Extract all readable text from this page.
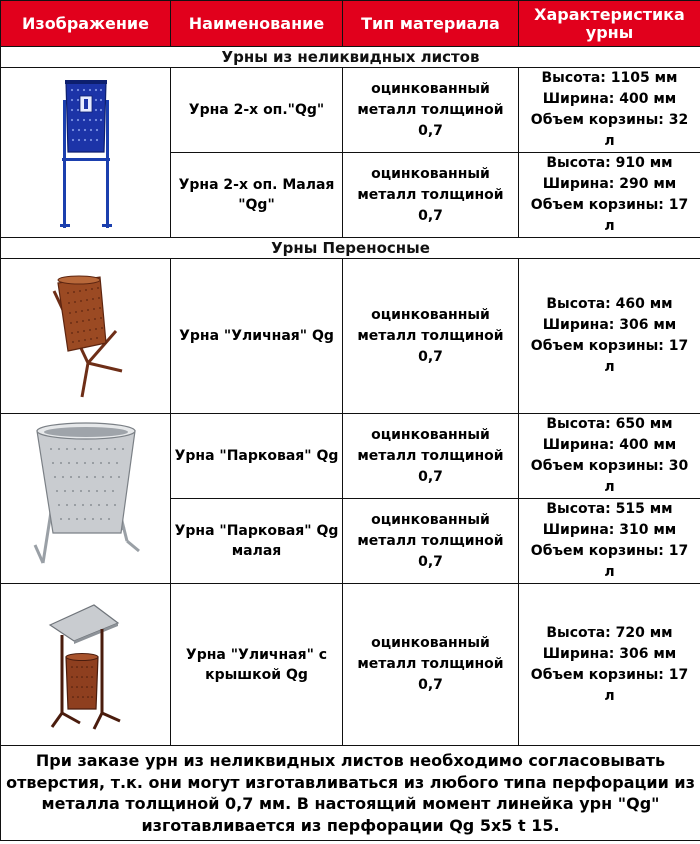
Изображение	Наименование	Тип материала	Характеристика урны
Урны из неликвидных листов			

	Урна 2-х оп."Qg"	оцинкованный
металл толщиной
0,7	Высота: 1105 мм
Ширина: 400 мм
Объем корзины: 32
л

	Урна 2-х оп. Малая "Qg"	оцинкованный
металл толщиной
0,7	Высота: 910 мм
Ширина: 290 мм
Объем корзины: 17
л

Урны Переносные			

	Урна "Уличная" Qg	оцинкованный
металл толщиной
0,7	Высота: 460 мм
Ширина: 306 мм
Объем корзины: 17
л

	Урна "Парковая" Qg	оцинкованный
металл толщиной
0,7	Высота: 650 мм
Ширина: 400 мм
Объем корзины: 30
л

	Урна "Парковая" Qg малая	оцинкованный
металл толщиной
0,7	Высота: 515 мм
Ширина: 310 мм
Объем корзины: 17
л

	Урна "Уличная" с крышкой Qg	оцинкованный
металл толщиной
0,7	Высота: 720 мм
Ширина: 306 мм
Объем корзины: 17
л

При заказе урн из неликвидных листов необходимо согласовывать отверстия, т.к. они могут изготавливаться из любого типа перфорации из металла толщиной 0,7 мм. В настоящий момент линейка урн "Qg" изготавливается из перфорации Qg 5х5 t 15.			
